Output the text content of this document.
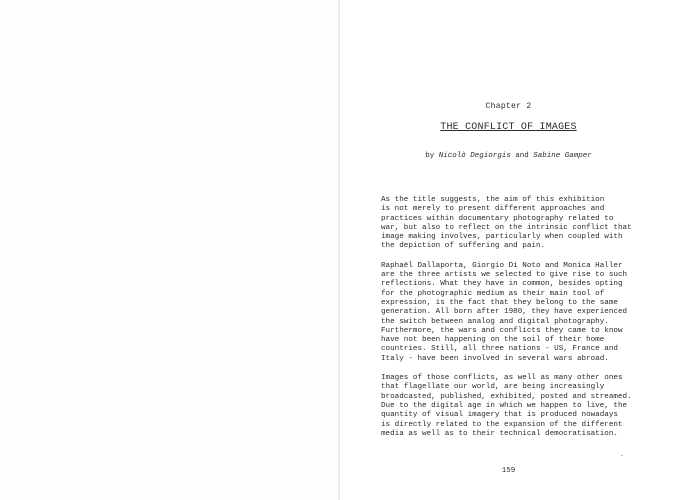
Chapter 2
THE CONFLICT OF IMAGES
by Nicolò Degiorgis and Sabine Gamper

As the title suggests, the aim of this exhibition
is not merely to present different approaches and
practices within documentary photography related to
war, but also to reflect on the intrinsic conflict that
image making involves, particularly when coupled with
the depiction of suffering and pain.

Raphaël Dallaporta, Giorgio Di Noto and Monica Haller
are the three artists we selected to give rise to such
reflections. What they have in common, besides opting
for the photographic medium as their main tool of
expression, is the fact that they belong to the same
generation. All born after 1980, they have experienced
the switch between analog and digital photography.
Furthermore, the wars and conflicts they came to know
have not been happening on the soil of their home
countries. Still, all three nations - US, France and
Italy - have been involved in several wars abroad.

Images of those conflicts, as well as many other ones
that flagellate our world, are being increasingly
broadcasted, published, exhibited, posted and streamed.
Due to the digital age in which we happen to live, the
quantity of visual imagery that is produced nowadays
is directly related to the expansion of the different
media as well as to their technical democratisation.

159
